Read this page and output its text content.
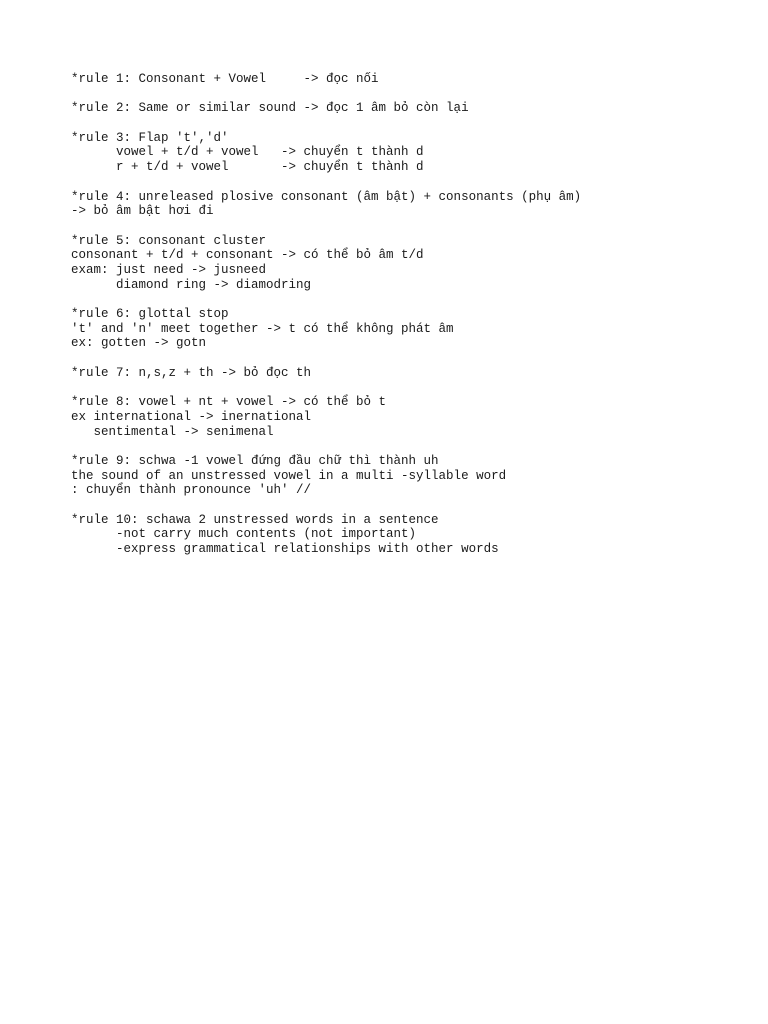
*rule 1: Consonant + Vowel     -> đọc nối
*rule 2: Same or similar sound -> đọc 1 âm bỏ còn lại
*rule 3: Flap 't','d'
vowel + t/d + vowel   -> chuyển t thành d
r + t/d + vowel       -> chuyển t thành d
*rule 4: unreleased plosive consonant (âm bật) + consonants (phụ âm)
-> bỏ âm bật hơi đi
*rule 5: consonant cluster
consonant + t/d + consonant -> có thể bỏ âm t/d
exam: just need -> jusneed
diamond ring -> diamodring
*rule 6: glottal stop
't' and 'n' meet together -> t có thể không phát âm
ex: gotten -> gotn
*rule 7: n,s,z + th -> bỏ đọc th
*rule 8: vowel + nt + vowel -> có thể bỏ t
ex international -> inernational
sentimental -> senimenal
*rule 9: schwa -1 vowel đứng đầu chữ thì thành uh
the sound of an unstressed vowel in a multi -syllable word
: chuyển thành pronounce 'uh' //
*rule 10: schawa 2 unstressed words in a sentence
-not carry much contents (not important)
-express grammatical relationships with other words
